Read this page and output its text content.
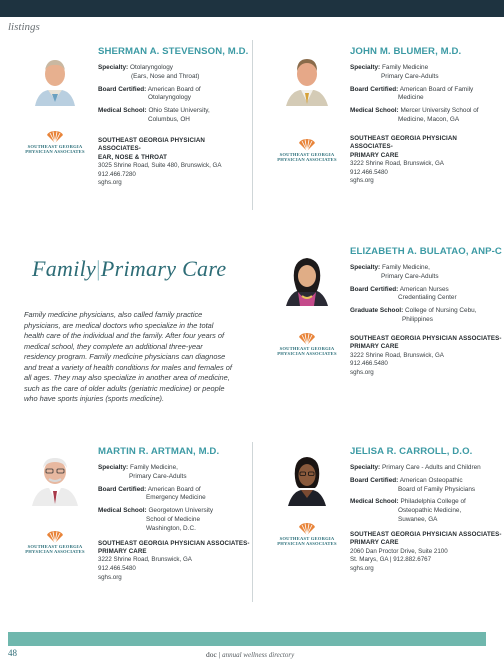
listings
SOUTHEAST GEORGIA
PHYSICIAN ASSOCIATES
SHERMAN A. STEVENSON, M.D.
Specialty: Otolaryngology
(Ears, Nose and Throat)
Board Certified: American Board of
Otolaryngology
Medical School: Ohio State University,
Columbus, OH
SOUTHEAST GEORGIA PHYSICIAN ASSOCIATES-
EAR, NOSE & THROAT
3025 Shrine Road, Suite 480, Brunswick, GA
912.466.7280
sghs.org
SOUTHEAST GEORGIA
PHYSICIAN ASSOCIATES
JOHN M. BLUMER, M.D.
Specialty: Family Medicine
Primary Care-Adults
Board Certified: American Board of Family
Medicine
Medical School: Mercer University School of
Medicine, Macon, GA
SOUTHEAST GEORGIA PHYSICIAN ASSOCIATES-
PRIMARY CARE
3222 Shrine Road, Brunswick, GA
912.466.5480
sghs.org
Family|Primary Care
Family medicine physicians, also called family practice physicians, are medical doctors who specialize in the total health care of the individual and the family. After four years of medical school, they complete an additional three-year residency program. Family medicine physicians can diagnose and treat a variety of health conditions for males and females of all ages. They may also specialize in another area of medicine, such as the care of older adults (geriatric medicine) or people who have sports injuries (sports medicine).
SOUTHEAST GEORGIA
PHYSICIAN ASSOCIATES
ELIZABETH A. BULATAO, ANP-C
Specialty: Family Medicine,
Primary Care-Adults
Board Certified: American Nurses
Credentialing Center
Graduate School: College of Nursing Cebu,
Philippines
SOUTHEAST GEORGIA PHYSICIAN ASSOCIATES-
PRIMARY CARE
3222 Shrine Road, Brunswick, GA
912.466.5480
sghs.org
SOUTHEAST GEORGIA
PHYSICIAN ASSOCIATES
MARTIN R. ARTMAN, M.D.
Specialty: Family Medicine,
Primary Care-Adults
Board Certified: American Board of
Emergency Medicine
Medical School: Georgetown University
School of Medicine
Washington, D.C.
SOUTHEAST GEORGIA PHYSICIAN ASSOCIATES-
PRIMARY CARE
3222 Shrine Road, Brunswick, GA
912.466.5480
sghs.org
SOUTHEAST GEORGIA
PHYSICIAN ASSOCIATES
JELISA R. CARROLL, D.O.
Specialty: Primary Care - Adults and Children
Board Certified: American Osteopathic
Board of Family Physicians
Medical School: Philadelphia College of
Osteopathic Medicine,
Suwanee, GA
SOUTHEAST GEORGIA PHYSICIAN ASSOCIATES-
PRIMARY CARE
2060 Dan Proctor Drive, Suite 2100
St. Marys, GA | 912.882.6767
sghs.org
48	doc | annual wellness directory
